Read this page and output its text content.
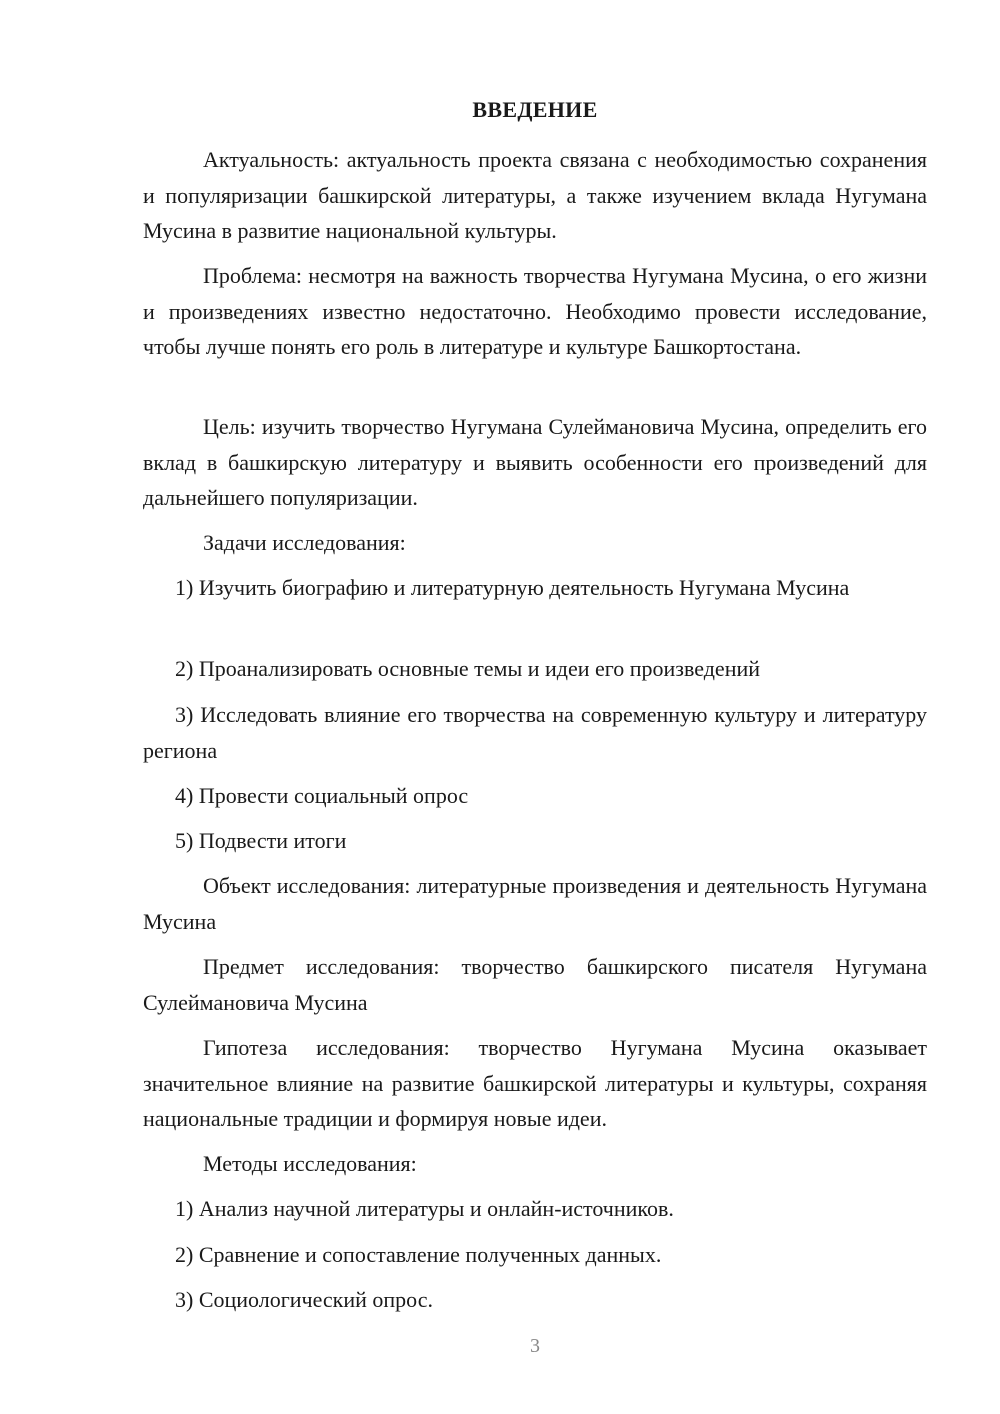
ВВЕДЕНИЕ

Актуальность: актуальность проекта связана с необходимостью сохранения и популяризации башкирской литературы, а также изучением вклада Нугумана Мусина в развитие национальной культуры.

Проблема: несмотря на важность творчества Нугумана Мусина, о его жизни и произведениях известно недостаточно. Необходимо провести исследование, чтобы лучше понять его роль в литературе и культуре Башкортостана.

Цель: изучить творчество Нугумана Сулеймановича Мусина, определить его вклад в башкирскую литературу и выявить особенности его произведений для дальнейшего популяризации.

Задачи исследования:

1) Изучить биографию и литературную деятельность Нугумана Мусина

2) Проанализировать основные темы и идеи его произведений

3) Исследовать влияние его творчества на современную культуру и литературу региона

4) Провести социальный опрос

5) Подвести итоги

Объект исследования: литературные произведения и деятельность Нугумана Мусина

Предмет исследования: творчество башкирского писателя Нугумана Сулеймановича Мусина

Гипотеза исследования: творчество Нугумана Мусина оказывает значительное влияние на развитие башкирской литературы и культуры, сохраняя национальные традиции и формируя новые идеи.

Методы исследования:

1) Анализ научной литературы и онлайн-источников.

2) Сравнение и сопоставление полученных данных.

3) Социологический опрос.

3
